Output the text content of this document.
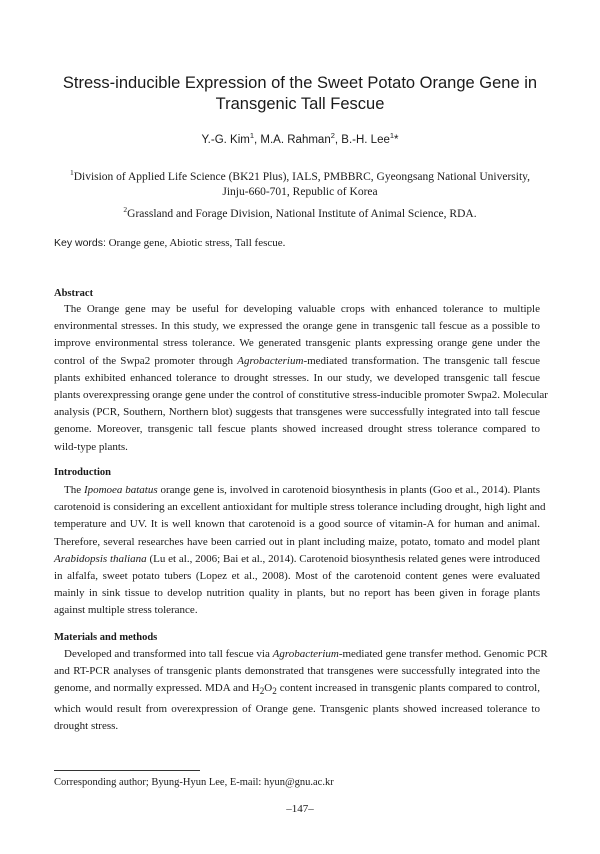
Stress-inducible Expression of the Sweet Potato Orange Gene in
Transgenic Tall Fescue
Y.-G. Kim$^1$, M.A. Rahman$^2$, B.-H. Lee$^1$*
$^1$Division of Applied Life Science (BK21 Plus), IALS, PMBBRC, Gyeongsang National University,
Jinju-660-701, Republic of Korea
$^2$Grassland and Forage Division, National Institute of Animal Science, RDA.
Key words: Orange gene, Abiotic stress, Tall fescue.
Abstract
The Orange gene may be useful for developing valuable crops with enhanced tolerance to multiple
environmental stresses. In this study, we expressed the orange gene in transgenic tall fescue as a possible to
improve environmental stress tolerance. We generated transgenic plants expressing orange gene under the
control of the Swpa2 promoter through Agrobacterium-mediated transformation. The transgenic tall fescue
plants exhibited enhanced tolerance to drought stresses. In our study, we developed transgenic tall fescue
plants overexpressing orange gene under the control of constitutive stress-inducible promoter Swpa2. Molecular
analysis (PCR, Southern, Northern blot) suggests that transgenes were successfully integrated into tall fescue
genome. Moreover, transgenic tall fescue plants showed increased drought stress tolerance compared to
wild-type plants.
Introduction
The Ipomoea batatus orange gene is, involved in carotenoid biosynthesis in plants (Goo et al., 2014). Plants
carotenoid is considering an excellent antioxidant for multiple stress tolerance including drought, high light and
temperature and UV. It is well known that carotenoid is a good source of vitamin-A for human and animal.
Therefore, several researches have been carried out in plant including maize, potato, tomato and model plant
Arabidopsis thaliana (Lu et al., 2006; Bai et al., 2014). Carotenoid biosynthesis related genes were introduced
in alfalfa, sweet potato tubers (Lopez et al., 2008). Most of the carotenoid content genes were evaluated
mainly in sink tissue to develop nutrition quality in plants, but no report has been given in forage plants
against multiple stress tolerance.
Materials and methods
Developed and transformed into tall fescue via Agrobacterium-mediated gene transfer method. Genomic PCR
and RT-PCR analyses of transgenic plants demonstrated that transgenes were successfully integrated into the
genome, and normally expressed. MDA and $H_2O_2$ content increased in transgenic plants compared to control,
which would result from overexpression of Orange gene. Transgenic plants showed increased tolerance to
drought stress.
Corresponding author; Byung-Hyun Lee, E-mail: hyun@gnu.ac.kr
–147–
